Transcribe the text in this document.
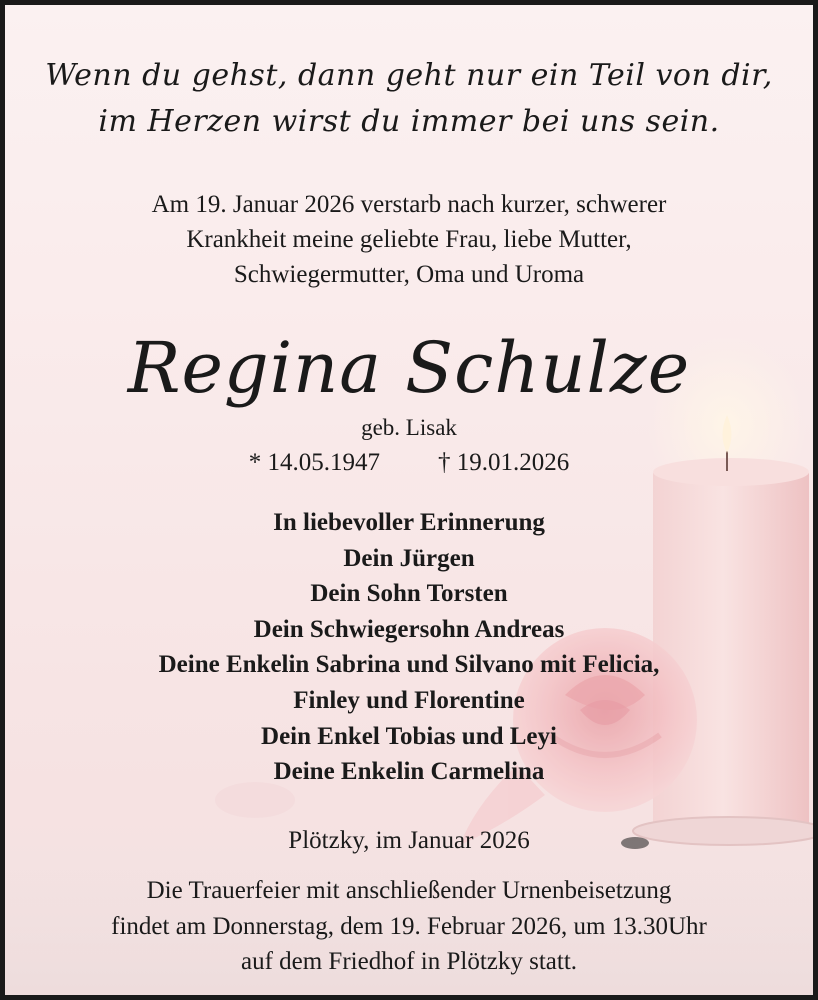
Wenn du gehst, dann geht nur ein Teil von dir,
im Herzen wirst du immer bei uns sein.
Am 19. Januar 2026 verstarb nach kurzer, schwerer
Krankheit meine geliebte Frau, liebe Mutter,
Schwiegermutter, Oma und Uroma
Regina Schulze
geb. Lisak
* 14.05.1947 † 19.01.2026
In liebevoller Erinnerung
Dein Jürgen
Dein Sohn Torsten
Dein Schwiegersohn Andreas
Deine Enkelin Sabrina und Silvano mit Felicia,
Finley und Florentine
Dein Enkel Tobias und Leyi
Deine Enkelin Carmelina
Plötzky, im Januar 2026
Die Trauerfeier mit anschließender Urnenbeisetzung
findet am Donnerstag, dem 19. Februar 2026, um 13.30Uhr
auf dem Friedhof in Plötzky statt.
